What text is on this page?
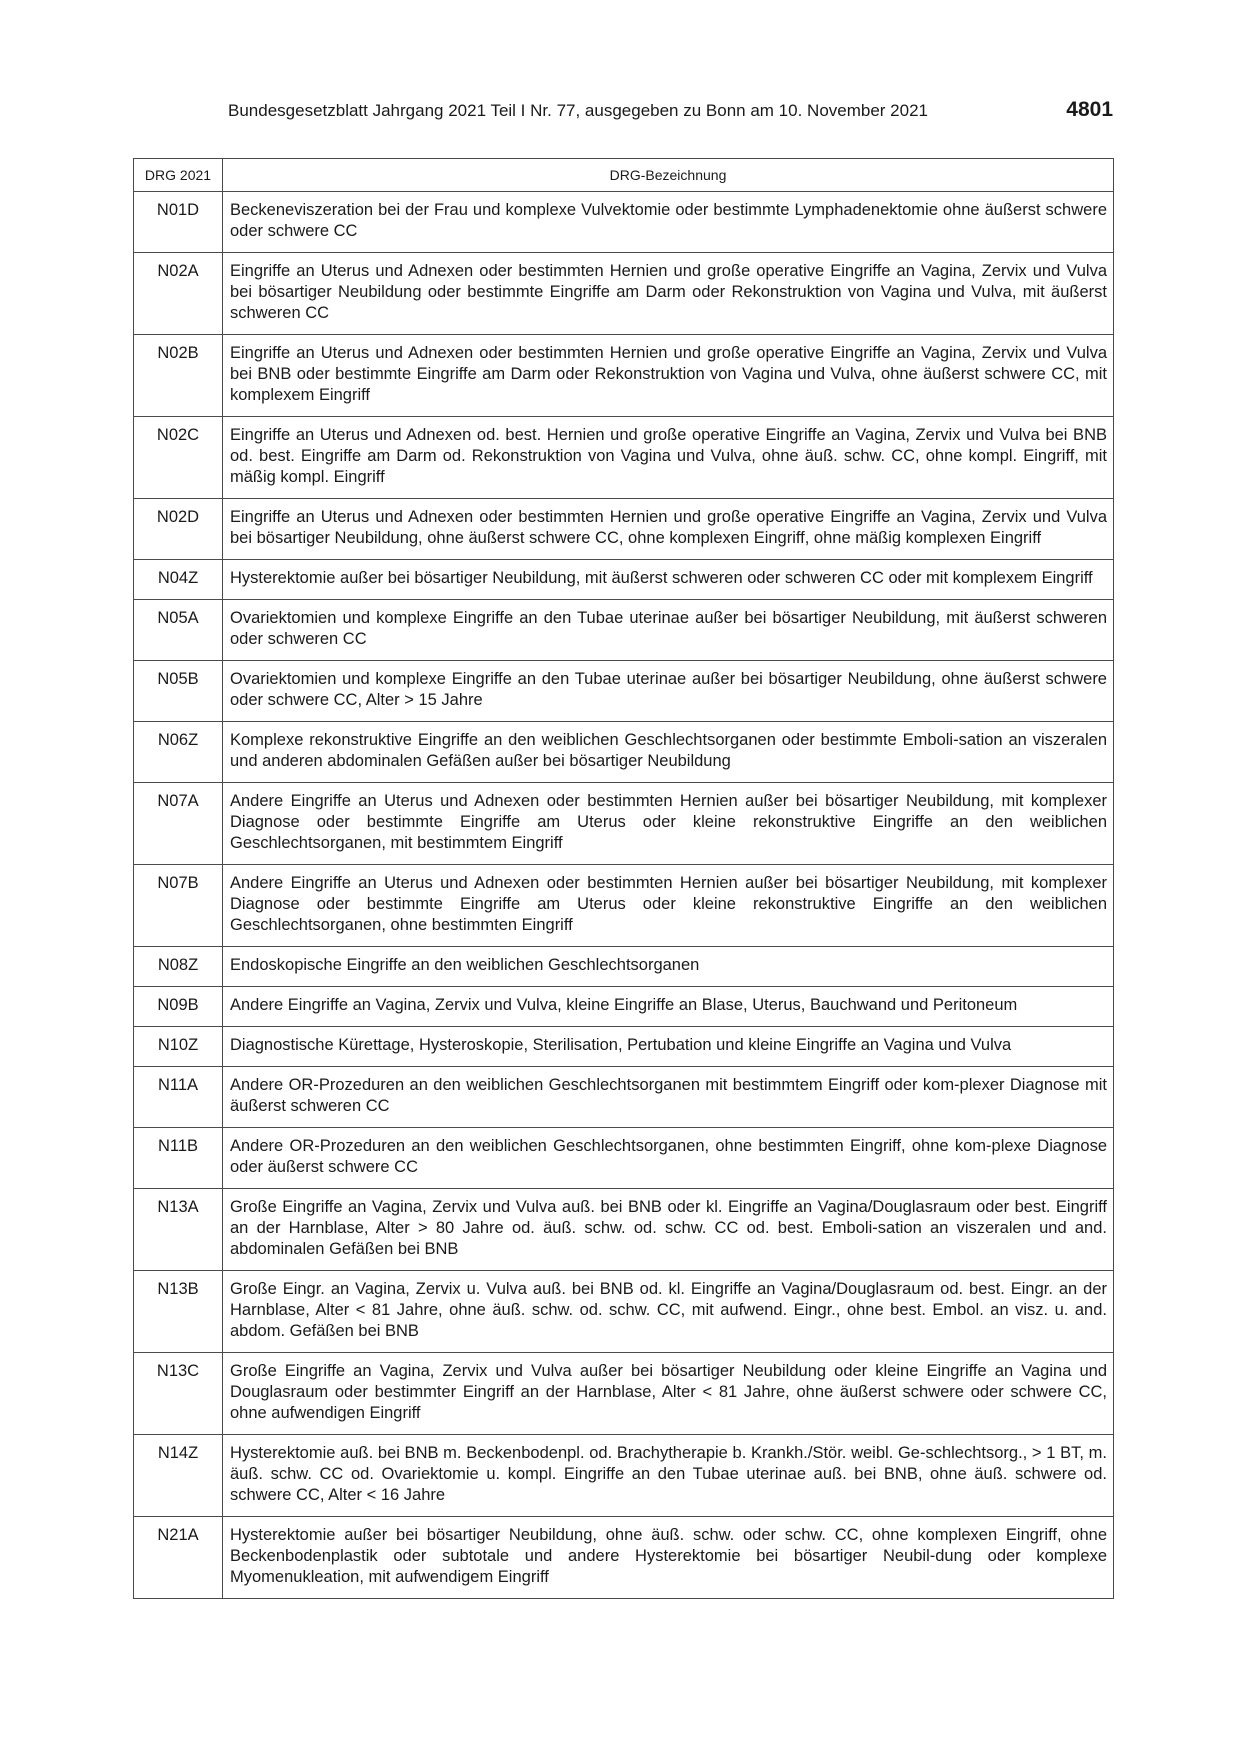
Bundesgesetzblatt Jahrgang 2021 Teil I Nr. 77, ausgegeben zu Bonn am 10. November 2021	4801
DRG 2021	DRG-Bezeichnung
N01D	Beckeneviszeration bei der Frau und komplexe Vulvektomie oder bestimmte Lymphadenektomie ohne äußerst schwere oder schwere CC
N02A	Eingriffe an Uterus und Adnexen oder bestimmten Hernien und große operative Eingriffe an Vagina, Zervix und Vulva bei bösartiger Neubildung oder bestimmte Eingriffe am Darm oder Rekonstruktion von Vagina und Vulva, mit äußerst schweren CC
N02B	Eingriffe an Uterus und Adnexen oder bestimmten Hernien und große operative Eingriffe an Vagina, Zervix und Vulva bei BNB oder bestimmte Eingriffe am Darm oder Rekonstruktion von Vagina und Vulva, ohne äußerst schwere CC, mit komplexem Eingriff
N02C	Eingriffe an Uterus und Adnexen od. best. Hernien und große operative Eingriffe an Vagina, Zervix und Vulva bei BNB od. best. Eingriffe am Darm od. Rekonstruktion von Vagina und Vulva, ohne äuß. schw. CC, ohne kompl. Eingriff, mit mäßig kompl. Eingriff
N02D	Eingriffe an Uterus und Adnexen oder bestimmten Hernien und große operative Eingriffe an Vagina, Zervix und Vulva bei bösartiger Neubildung, ohne äußerst schwere CC, ohne komplexen Eingriff, ohne mäßig komplexen Eingriff
N04Z	Hysterektomie außer bei bösartiger Neubildung, mit äußerst schweren oder schweren CC oder mit komplexem Eingriff
N05A	Ovariektomien und komplexe Eingriffe an den Tubae uterinae außer bei bösartiger Neubildung, mit äußerst schweren oder schweren CC
N05B	Ovariektomien und komplexe Eingriffe an den Tubae uterinae außer bei bösartiger Neubildung, ohne äußerst schwere oder schwere CC, Alter > 15 Jahre
N06Z	Komplexe rekonstruktive Eingriffe an den weiblichen Geschlechtsorganen oder bestimmte Emboli-sation an viszeralen und anderen abdominalen Gefäßen außer bei bösartiger Neubildung
N07A	Andere Eingriffe an Uterus und Adnexen oder bestimmten Hernien außer bei bösartiger Neubildung, mit komplexer Diagnose oder bestimmte Eingriffe am Uterus oder kleine rekonstruktive Eingriffe an den weiblichen Geschlechtsorganen, mit bestimmtem Eingriff
N07B	Andere Eingriffe an Uterus und Adnexen oder bestimmten Hernien außer bei bösartiger Neubildung, mit komplexer Diagnose oder bestimmte Eingriffe am Uterus oder kleine rekonstruktive Eingriffe an den weiblichen Geschlechtsorganen, ohne bestimmten Eingriff
N08Z	Endoskopische Eingriffe an den weiblichen Geschlechtsorganen
N09B	Andere Eingriffe an Vagina, Zervix und Vulva, kleine Eingriffe an Blase, Uterus, Bauchwand und Peritoneum
N10Z	Diagnostische Kürettage, Hysteroskopie, Sterilisation, Pertubation und kleine Eingriffe an Vagina und Vulva
N11A	Andere OR-Prozeduren an den weiblichen Geschlechtsorganen mit bestimmtem Eingriff oder kom-plexer Diagnose mit äußerst schweren CC
N11B	Andere OR-Prozeduren an den weiblichen Geschlechtsorganen, ohne bestimmten Eingriff, ohne kom-plexe Diagnose oder äußerst schwere CC
N13A	Große Eingriffe an Vagina, Zervix und Vulva auß. bei BNB oder kl. Eingriffe an Vagina/Douglasraum oder best. Eingriff an der Harnblase, Alter > 80 Jahre od. äuß. schw. od. schw. CC od. best. Emboli-sation an viszeralen und and. abdominalen Gefäßen bei BNB
N13B	Große Eingr. an Vagina, Zervix u. Vulva auß. bei BNB od. kl. Eingriffe an Vagina/Douglasraum od. best. Eingr. an der Harnblase, Alter < 81 Jahre, ohne äuß. schw. od. schw. CC, mit aufwend. Eingr., ohne best. Embol. an visz. u. and. abdom. Gefäßen bei BNB
N13C	Große Eingriffe an Vagina, Zervix und Vulva außer bei bösartiger Neubildung oder kleine Eingriffe an Vagina und Douglasraum oder bestimmter Eingriff an der Harnblase, Alter < 81 Jahre, ohne äußerst schwere oder schwere CC, ohne aufwendigen Eingriff
N14Z	Hysterektomie auß. bei BNB m. Beckenbodenpl. od. Brachytherapie b. Krankh./Stör. weibl. Ge-schlechtsorg., > 1 BT, m. äuß. schw. CC od. Ovariektomie u. kompl. Eingriffe an den Tubae uterinae auß. bei BNB, ohne äuß. schwere od. schwere CC, Alter < 16 Jahre
N21A	Hysterektomie außer bei bösartiger Neubildung, ohne äuß. schw. oder schw. CC, ohne komplexen Eingriff, ohne Beckenbodenplastik oder subtotale und andere Hysterektomie bei bösartiger Neubil-dung oder komplexe Myomenukleation, mit aufwendigem Eingriff
